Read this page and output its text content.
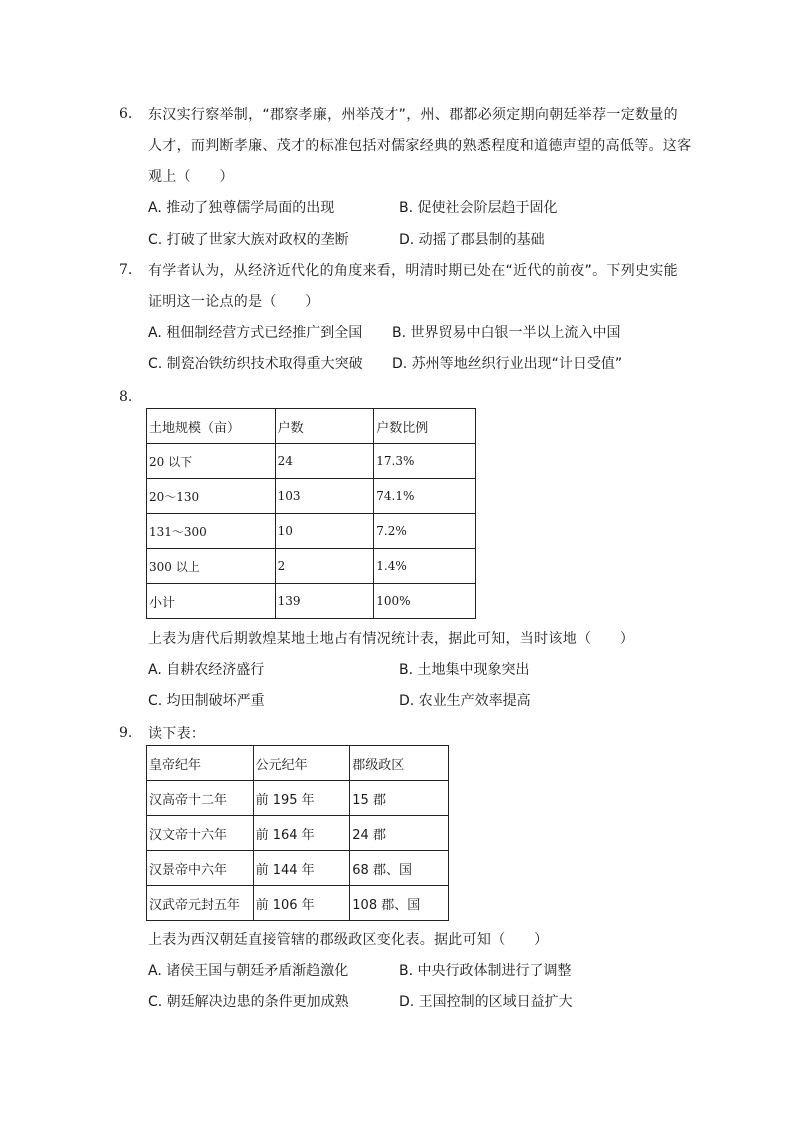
6. 东汉实行察举制，“郡察孝廉，州举茂才”，州、郡都必须定期向朝廷举荐一定数量的
人才，而判断孝廉、茂才的标准包括对儒家经典的熟悉程度和道德声望的高低等。这客
观上（　　）
A. 推动了独尊儒学局面的出现	B. 促使社会阶层趋于固化
C. 打破了世家大族对政权的垄断	D. 动摇了郡县制的基础
7. 有学者认为，从经济近代化的角度来看，明清时期已处在“近代的前夜”。下列史实能
证明这一论点的是（　　）
A. 租佃制经营方式已经推广到全国 B. 世界贸易中白银一半以上流入中国
C. 制瓷冶铁纺织技术取得重大突破 D. 苏州等地丝织行业出现“计日受值”
8.
土地规模（亩）	户数	户数比例
20 以下	24	17.3%
20～130	103	74.1%
131～300	10	7.2%
300 以上	2	1.4%
小计	139	100%
上表为唐代后期敦煌某地土地占有情况统计表，据此可知，当时该地（　　）
A. 自耕农经济盛行	B. 土地集中现象突出
C. 均田制破坏严重	D. 农业生产效率提高
9. 读下表：
皇帝纪年	公元纪年	郡级政区
汉高帝十二年	前 195 年	15 郡
汉文帝十六年	前 164 年	24 郡
汉景帝中六年	前 144 年	68 郡、国
汉武帝元封五年	前 106 年	108 郡、国
上表为西汉朝廷直接管辖的郡级政区变化表。据此可知（　　）
A. 诸侯王国与朝廷矛盾渐趋激化	B. 中央行政体制进行了调整
C. 朝廷解决边患的条件更加成熟	D. 王国控制的区域日益扩大
